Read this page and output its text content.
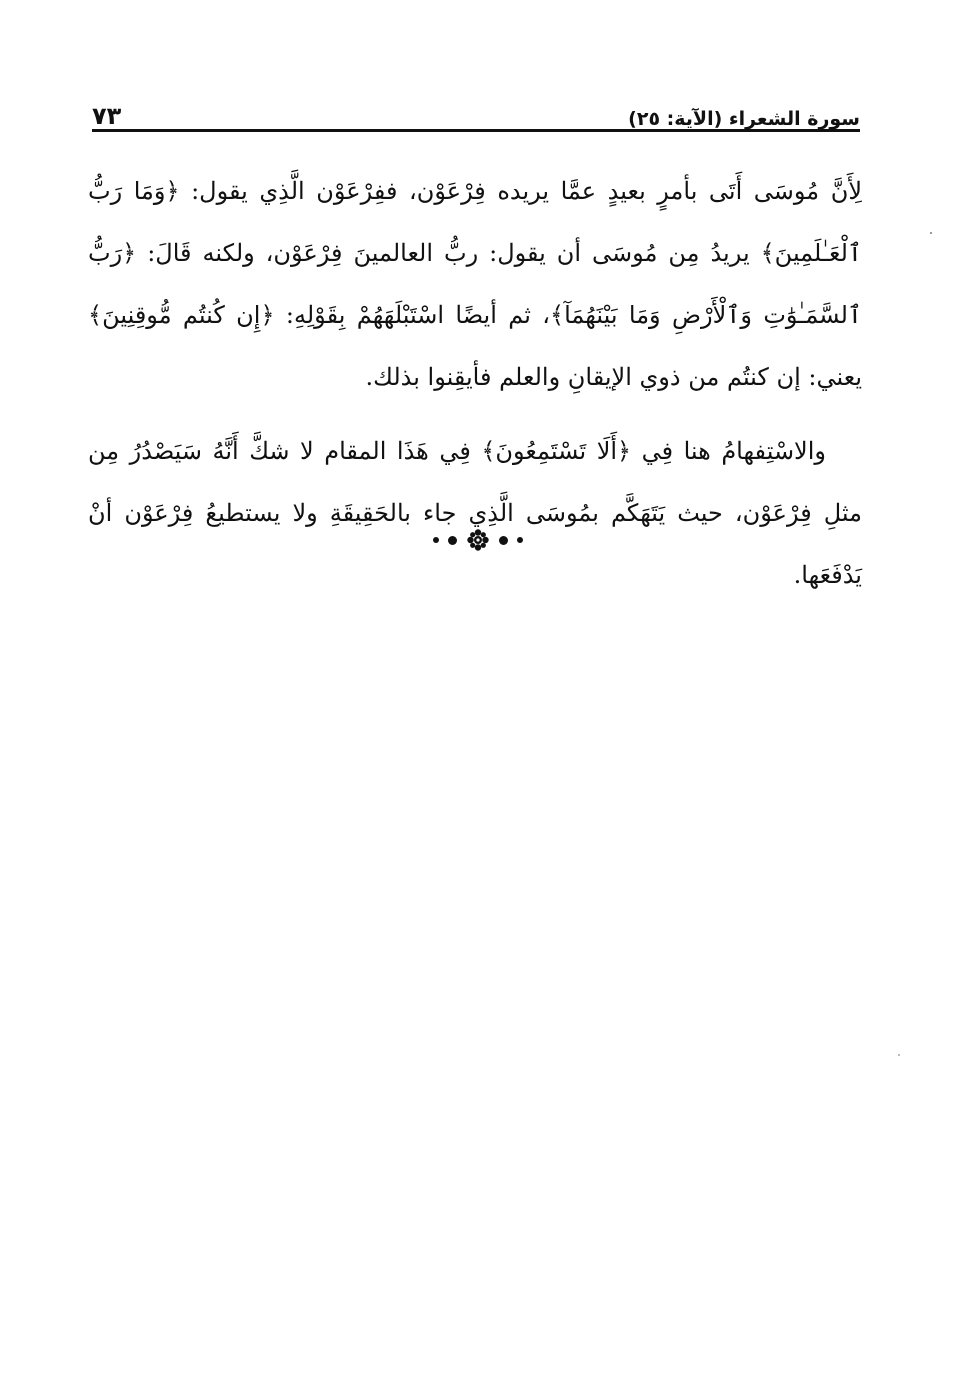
سورة الشعراء (الآية: ٢٥)
٧٣

لِأَنَّ مُوسَى أَتَى بأمرٍ بعيدٍ عمَّا يريده فِرْعَوْن، ففِرْعَوْن الَّذِي يقول: ﴿وَمَا رَبُّ ٱلْعَـٰلَمِينَ﴾ يريدُ مِن مُوسَى أن يقول: ربُّ العالمينَ فِرْعَوْن، ولكنه قَالَ: ﴿رَبُّ ٱلسَّمَـٰوَٰتِ وَٱلْأَرْضِ وَمَا بَيْنَهُمَآ﴾، ثم أيضًا اسْتَبْلَهَهُمْ بِقَوْلِهِ: ﴿إِن كُنتُم مُّوقِنِينَ﴾ يعني: إن كنتُم من ذوي الإيقانِ والعلم فأيقِنوا بذلك.

والاسْتِفهامُ هنا فِي ﴿أَلَا تَسْتَمِعُونَ﴾ فِي هَذَا المقام لا شكَّ أَنَّهُ سَيَصْدُرُ مِن مثلِ فِرْعَوْن، حيث يَتَهَكَّم بمُوسَى الَّذِي جاء بالحَقِيقَةِ ولا يستطيعُ فِرْعَوْن أنْ يَدْفَعَها.
